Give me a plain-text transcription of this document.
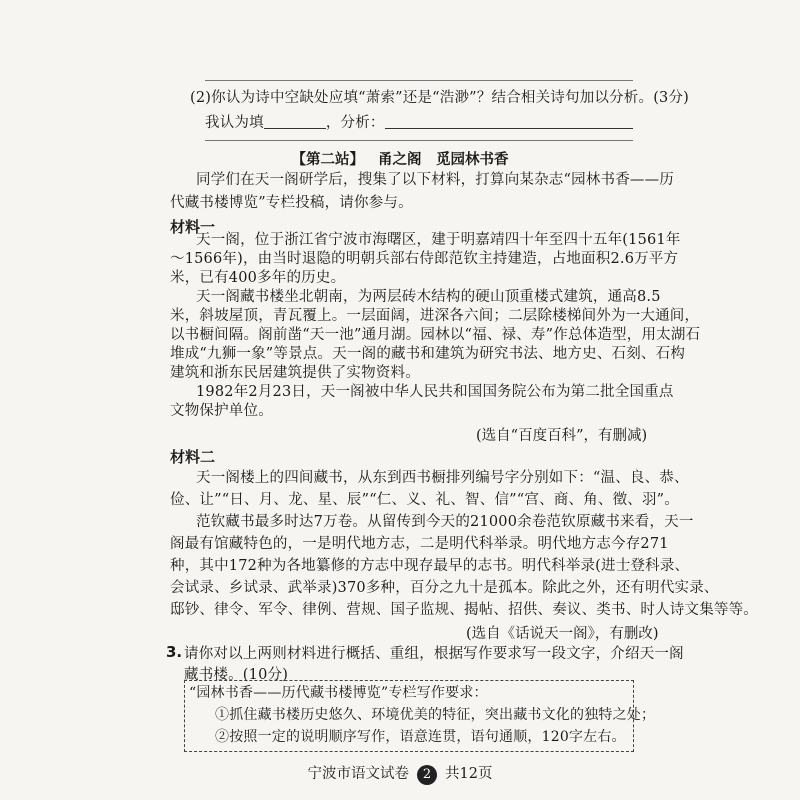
(2)你认为诗中空缺处应填“萧索”还是“浩渺”？结合相关诗句加以分析。(3分)
我认为填	，分析：
【第二站】 甬之阁　觅园林书香
同学们在天一阁研学后，搜集了以下材料，打算向某杂志“园林书香——历
代藏书楼博览”专栏投稿，请你参与。
材料一
天一阁，位于浙江省宁波市海曙区，建于明嘉靖四十年至四十五年(1561年
～1566年)，由当时退隐的明朝兵部右侍郎范钦主持建造，占地面积2.6万平方
米，已有400多年的历史。
天一阁藏书楼坐北朝南，为两层砖木结构的硬山顶重楼式建筑，通高8.5
米，斜坡屋顶，青瓦覆上。一层面阔，进深各六间；二层除楼梯间外为一大通间，
以书橱间隔。阁前凿“天一池”通月湖。园林以“福、禄、寿”作总体造型，用太湖石
堆成“九狮一象”等景点。天一阁的藏书和建筑为研究书法、地方史、石刻、石构
建筑和浙东民居建筑提供了实物资料。
1982年2月23日，天一阁被中华人民共和国国务院公布为第二批全国重点
文物保护单位。
(选自“百度百科”，有删减)
材料二
天一阁楼上的四间藏书，从东到西书橱排列编号字分别如下：“温、良、恭、
俭、让”“日、月、龙、星、辰”“仁、义、礼、智、信”“宫、商、角、徵、羽”。
范钦藏书最多时达7万卷。从留传到今天的21000余卷范钦原藏书来看，天一
阁最有馆藏特色的，一是明代地方志，二是明代科举录。明代地方志今存271
种，其中172种为各地纂修的方志中现存最早的志书。明代科举录(进士登科录、
会试录、乡试录、武举录)370多种，百分之九十是孤本。除此之外，还有明代实录、
邸钞、律令、军令、律例、营规、国子监规、揭帖、招供、奏议、类书、时人诗文集等等。
(选自《话说天一阁》，有删改)
“园林书香——历代藏书楼博览”专栏写作要求：
①抓住藏书楼历史悠久、环境优美的特征，突出藏书文化的独特之处；
②按照一定的说明顺序写作，语意连贯，语句通顺，120字左右。
宁波市语文试卷 2 共12页
3. 请你对以上两则材料进行概括、重组，根据写作要求写一段文字，介绍天一阁
藏书楼。(10分)
